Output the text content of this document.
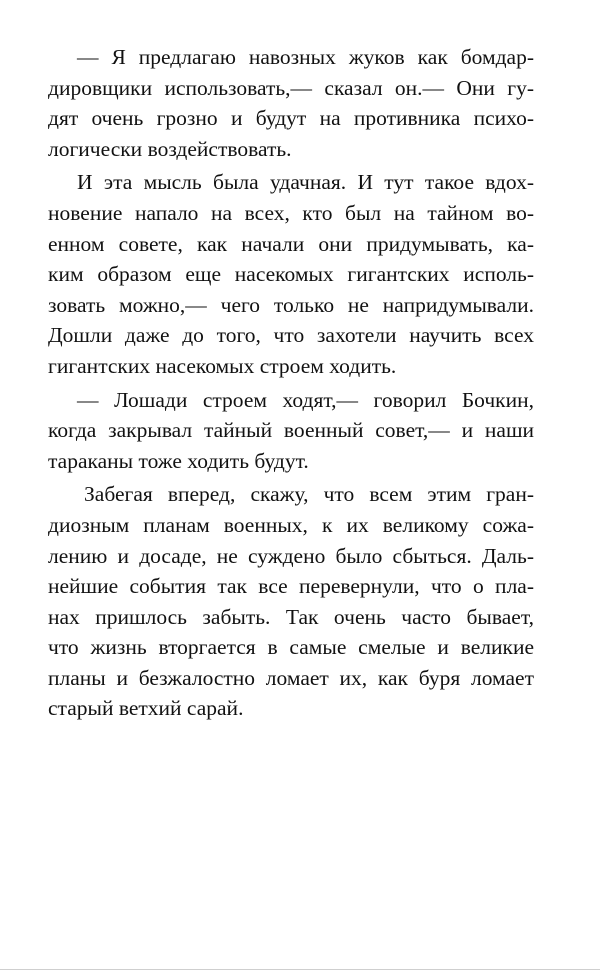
— Я предлагаю навозных жуков как бомдар-
дировщики использовать,— сказал он.— Они гу-
дят очень грозно и будут на противника психо-
логически воздействовать.

И эта мысль была удачная. И тут такое вдох-
новение напало на всех, кто был на тайном во-
енном совете, как начали они придумывать, ка-
ким образом еще насекомых гигантских исполь-
зовать можно,— чего только не напридумывали.
Дошли даже до того, что захотели научить всех
гигантских насекомых строем ходить.

— Лошади строем ходят,— говорил Бочкин,
когда закрывал тайный военный совет,— и наши
тараканы тоже ходить будут.

Забегая вперед, скажу, что всем этим гран-
диозным планам военных, к их великому сожа-
лению и досаде, не суждено было сбыться. Даль-
нейшие события так все перевернули, что о пла-
нах пришлось забыть. Так очень часто бывает,
что жизнь вторгается в самые смелые и великие
планы и безжалостно ломает их, как буря ломает
старый ветхий сарай.
